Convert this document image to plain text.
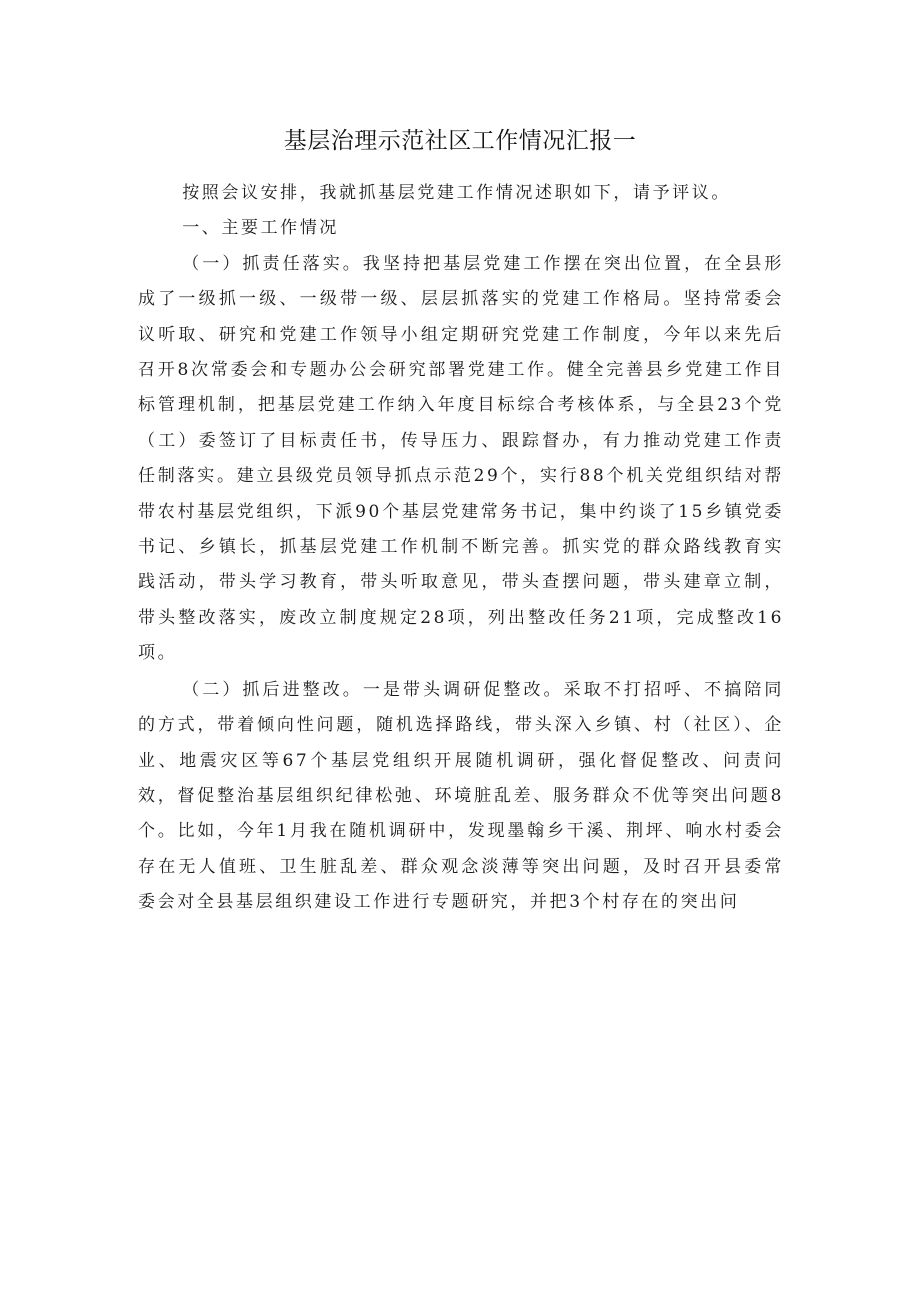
基层治理示范社区工作情况汇报一

按照会议安排，我就抓基层党建工作情况述职如下，请予评议。

一、主要工作情况

（一）抓责任落实。我坚持把基层党建工作摆在突出位置，在全县形成了一级抓一级、一级带一级、层层抓落实的党建工作格局。坚持常委会议听取、研究和党建工作领导小组定期研究党建工作制度，今年以来先后召开8次常委会和专题办公会研究部署党建工作。健全完善县乡党建工作目标管理机制，把基层党建工作纳入年度目标综合考核体系，与全县23个党（工）委签订了目标责任书，传导压力、跟踪督办，有力推动党建工作责任制落实。建立县级党员领导抓点示范29个，实行88个机关党组织结对帮带农村基层党组织，下派90个基层党建常务书记，集中约谈了15乡镇党委书记、乡镇长，抓基层党建工作机制不断完善。抓实党的群众路线教育实践活动，带头学习教育，带头听取意见，带头查摆问题，带头建章立制，带头整改落实，废改立制度规定28项，列出整改任务21项，完成整改16项。

（二）抓后进整改。一是带头调研促整改。采取不打招呼、不搞陪同的方式，带着倾向性问题，随机选择路线，带头深入乡镇、村（社区）、企业、地震灾区等67个基层党组织开展随机调研，强化督促整改、问责问效，督促整治基层组织纪律松弛、环境脏乱差、服务群众不优等突出问题8个。比如，今年1月我在随机调研中，发现墨翰乡干溪、荆坪、响水村委会存在无人值班、卫生脏乱差、群众观念淡薄等突出问题，及时召开县委常委会对全县基层组织建设工作进行专题研究，并把3个村存在的突出问
